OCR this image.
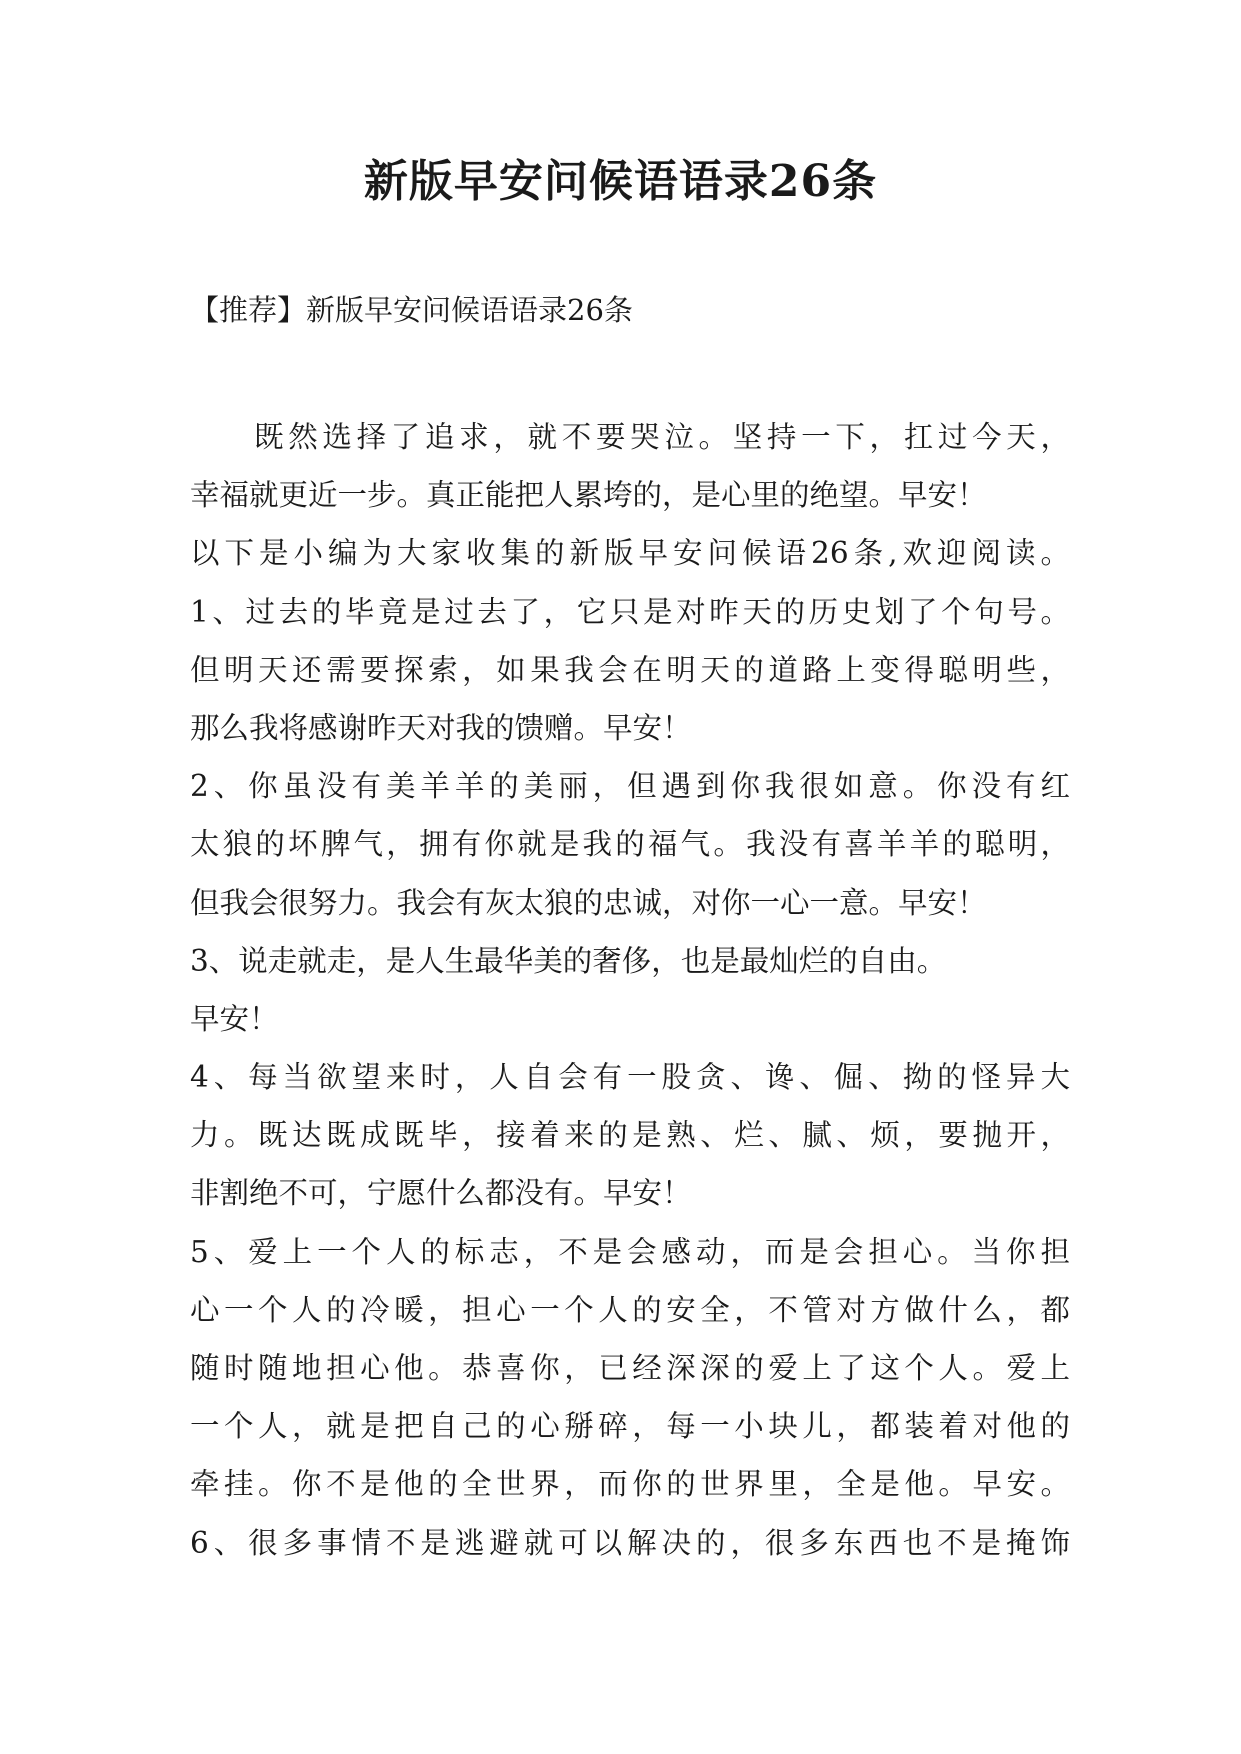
新版早安问候语语录26条
【推荐】新版早安问候语语录26条
既然选择了追求，就不要哭泣。坚持一下，扛过今天，
幸福就更近一步。真正能把人累垮的，是心里的绝望。早安！
以下是小编为大家收集的新版早安问候语26条,欢迎阅读。
1、过去的毕竟是过去了，它只是对昨天的历史划了个句号。
但明天还需要探索，如果我会在明天的道路上变得聪明些，
那么我将感谢昨天对我的馈赠。早安！
2、你虽没有美羊羊的美丽，但遇到你我很如意。你没有红
太狼的坏脾气，拥有你就是我的福气。我没有喜羊羊的聪明，
但我会很努力。我会有灰太狼的忠诚，对你一心一意。早安！
3、说走就走，是人生最华美的奢侈，也是最灿烂的自由。
早安！
4、每当欲望来时，人自会有一股贪、谗、倔、拗的怪异大
力。既达既成既毕，接着来的是熟、烂、腻、烦，要抛开，
非割绝不可，宁愿什么都没有。早安！
5、爱上一个人的标志，不是会感动，而是会担心。当你担
心一个人的冷暖，担心一个人的安全，不管对方做什么，都
随时随地担心他。恭喜你，已经深深的爱上了这个人。爱上
一个人，就是把自己的心掰碎，每一小块儿，都装着对他的
牵挂。你不是他的全世界，而你的世界里，全是他。早安。
6、很多事情不是逃避就可以解决的，很多东西也不是掩饰
